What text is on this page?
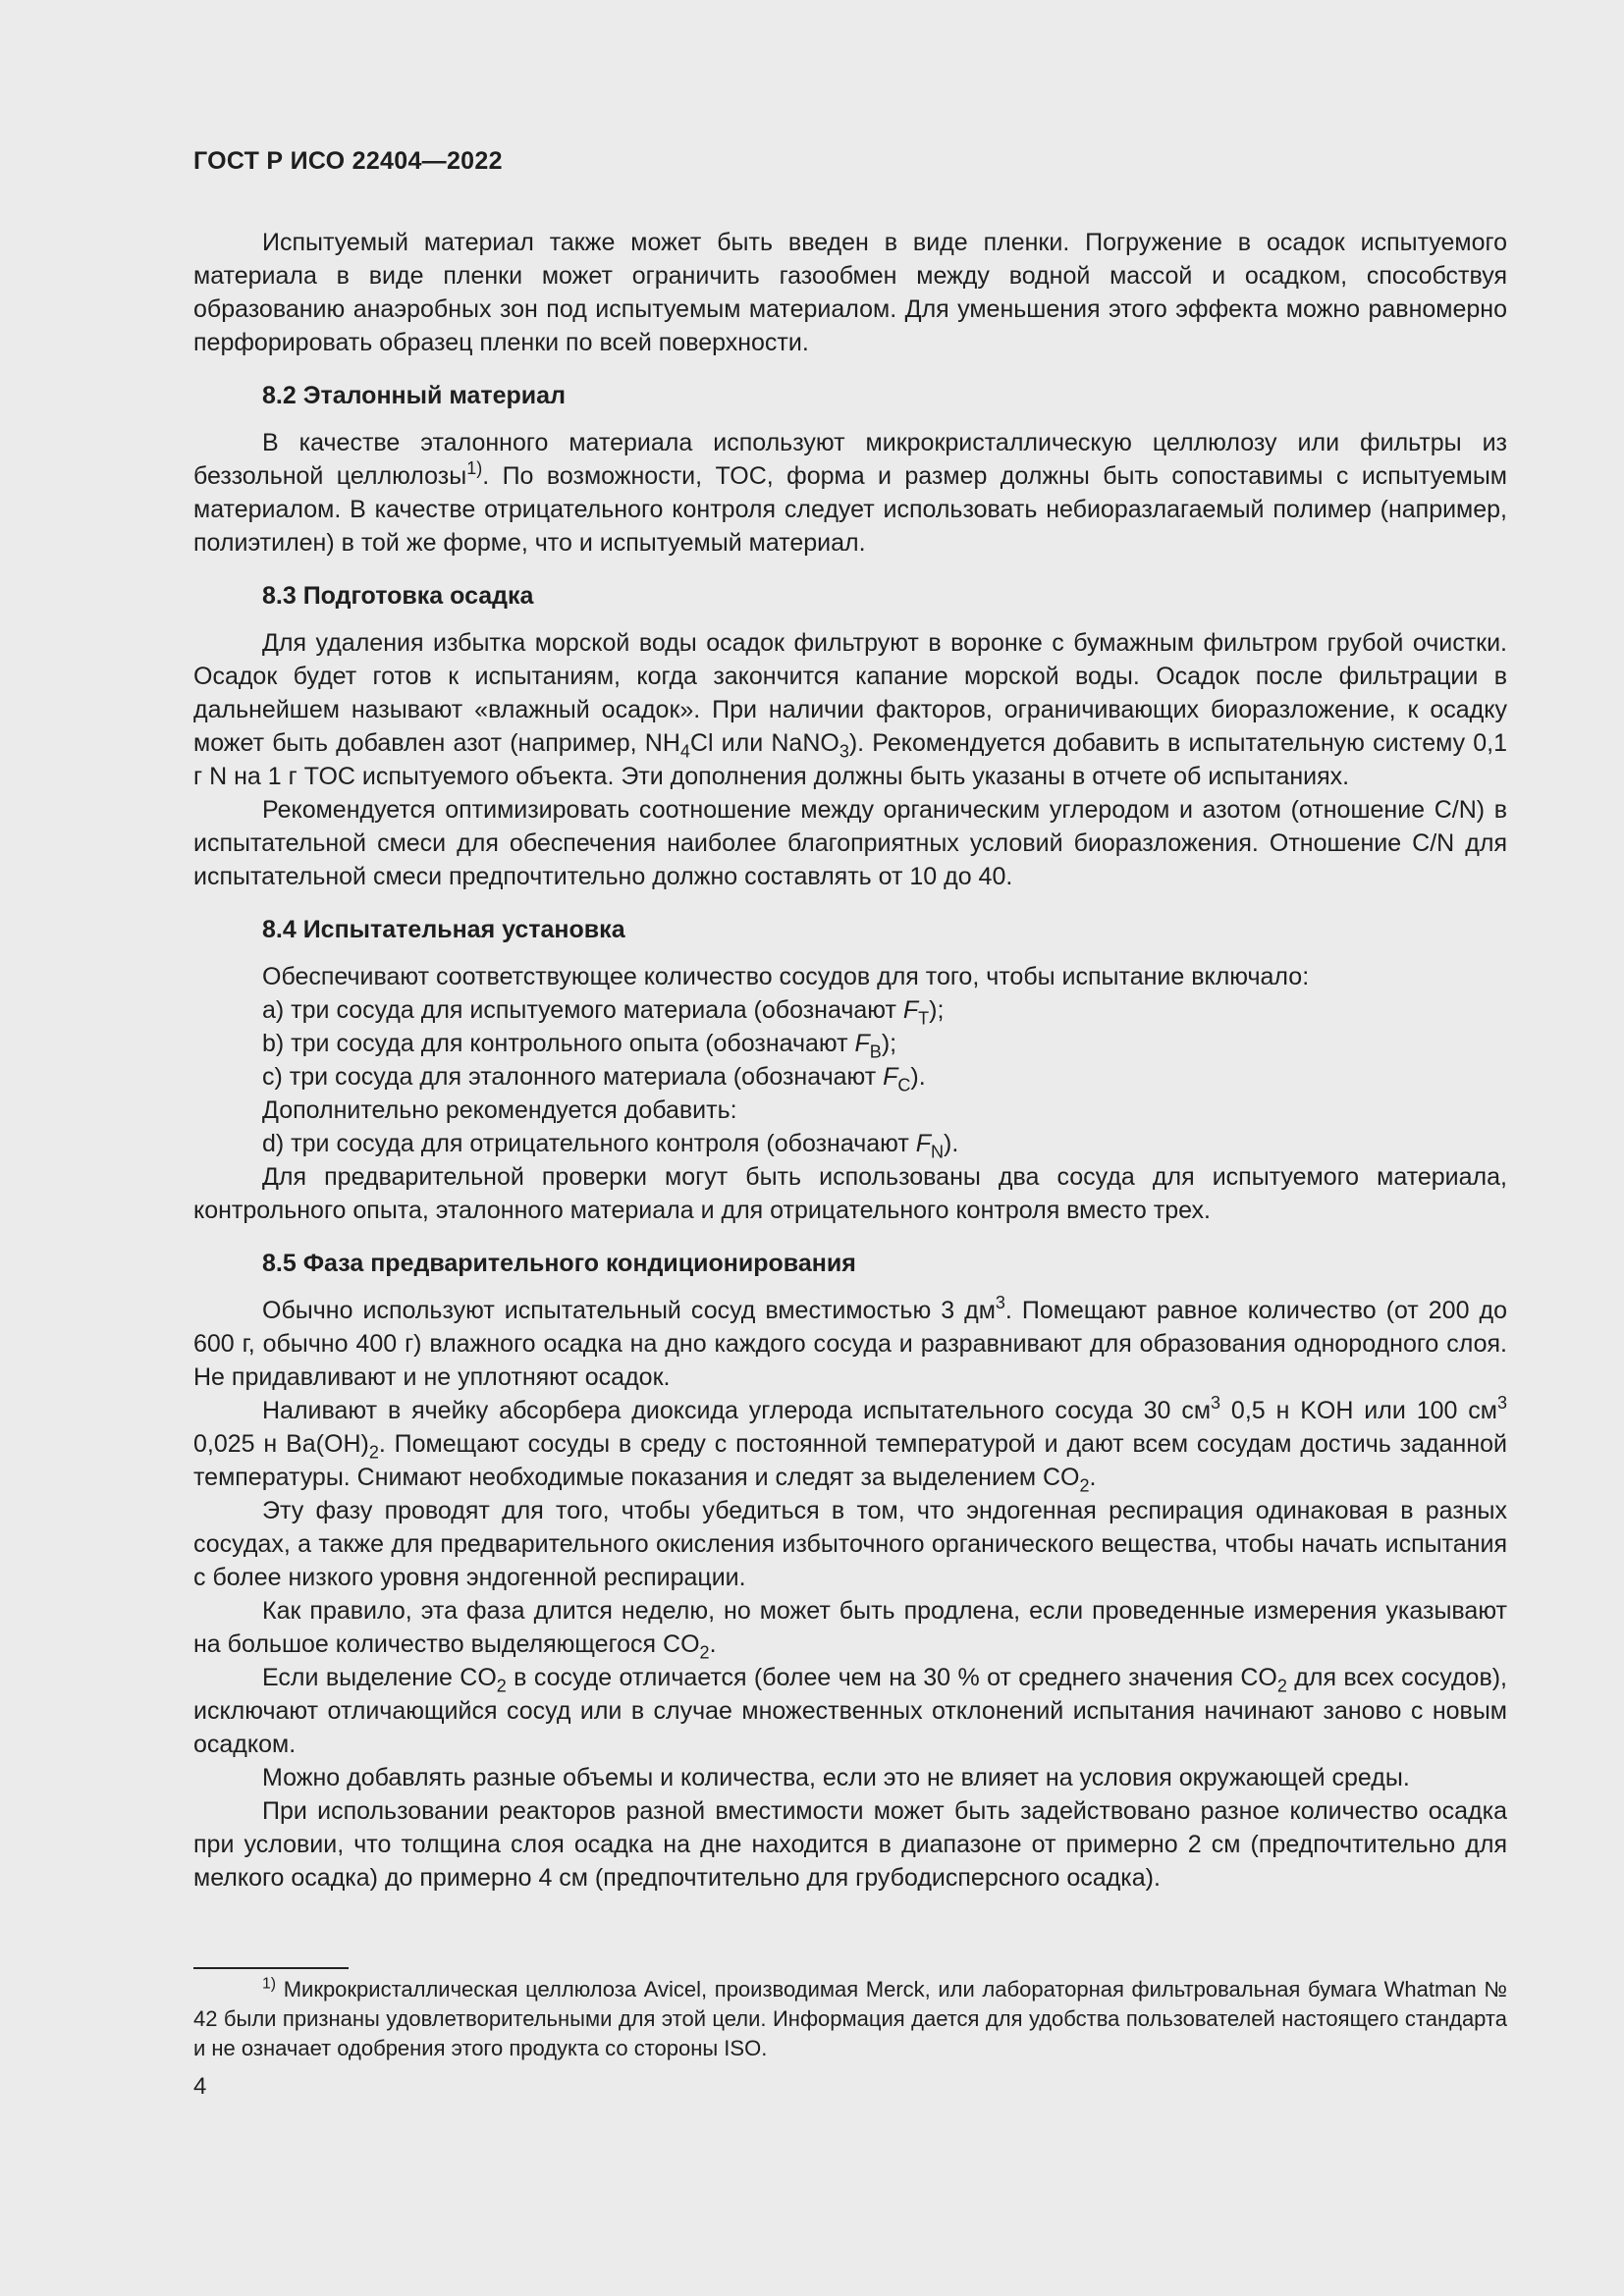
ГОСТ Р ИСО 22404—2022

Испытуемый материал также может быть введен в виде пленки. Погружение в осадок испытуемого материала в виде пленки может ограничить газообмен между водной массой и осадком, способствуя образованию анаэробных зон под испытуемым материалом. Для уменьшения этого эффекта можно равномерно перфорировать образец пленки по всей поверхности.

8.2 Эталонный материал

В качестве эталонного материала используют микрокристаллическую целлюлозу или фильтры из беззольной целлюлозы$^{1)}$. По возможности, TOC, форма и размер должны быть сопоставимы с испытуемым материалом. В качестве отрицательного контроля следует использовать небиоразлагаемый полимер (например, полиэтилен) в той же форме, что и испытуемый материал.

8.3 Подготовка осадка

Для удаления избытка морской воды осадок фильтруют в воронке с бумажным фильтром грубой очистки. Осадок будет готов к испытаниям, когда закончится капание морской воды. Осадок после фильтрации в дальнейшем называют «влажный осадок». При наличии факторов, ограничивающих биоразложение, к осадку может быть добавлен азот (например, $NH_4Cl$ или NaNO$_3$). Рекомендуется добавить в испытательную систему 0,1 г N на 1 г TOC испытуемого объекта. Эти дополнения должны быть указаны в отчете об испытаниях.

Рекомендуется оптимизировать соотношение между органическим углеродом и азотом (отношение C/N) в испытательной смеси для обеспечения наиболее благоприятных условий биоразложения. Отношение C/N для испытательной смеси предпочтительно должно составлять от 10 до 40.

8.4 Испытательная установка

Обеспечивают соответствующее количество сосудов для того, чтобы испытание включало:

a) три сосуда для испытуемого материала (обозначают $F_T$);

b) три сосуда для контрольного опыта (обозначают $F_B$);

c) три сосуда для эталонного материала (обозначают $F_C$).

Дополнительно рекомендуется добавить:

d) три сосуда для отрицательного контроля (обозначают $F_N$).

Для предварительной проверки могут быть использованы два сосуда для испытуемого материала, контрольного опыта, эталонного материала и для отрицательного контроля вместо трех.

8.5 Фаза предварительного кондиционирования

Обычно используют испытательный сосуд вместимостью 3 $дм^3$. Помещают равное количество (от 200 до 600 г, обычно 400 г) влажного осадка на дно каждого сосуда и разравнивают для образования однородного слоя. Не придавливают и не уплотняют осадок.

Наливают в ячейку абсорбера диоксида углерода испытательного сосуда 30 $см^3$ 0,5 н KOH или 100 $см^3$ 0,025 н $Ba(OH)_2$. Помещают сосуды в среду с постоянной температурой и дают всем сосудам достичь заданной температуры. Снимают необходимые показания и следят за выделением $CO_2$.

Эту фазу проводят для того, чтобы убедиться в том, что эндогенная респирация одинаковая в разных сосудах, а также для предварительного окисления избыточного органического вещества, чтобы начать испытания с более низкого уровня эндогенной респирации.

Как правило, эта фаза длится неделю, но может быть продлена, если проведенные измерения указывают на большое количество выделяющегося $CO_2$.

Если выделение $CO_2$ в сосуде отличается (более чем на 30 % от среднего значения $CO_2$ для всех сосудов), исключают отличающийся сосуд или в случае множественных отклонений испытания начинают заново с новым осадком.

Можно добавлять разные объемы и количества, если это не влияет на условия окружающей среды.

При использовании реакторов разной вместимости может быть задействовано разное количество осадка при условии, что толщина слоя осадка на дне находится в диапазоне от примерно 2 см (предпочтительно для мелкого осадка) до примерно 4 см (предпочтительно для грубодисперсного осадка).

$^{1)}$ Микрокристаллическая целлюлоза Avicel, производимая Merck, или лабораторная фильтровальная бумага Whatman № 42 были признаны удовлетворительными для этой цели. Информация дается для удобства пользователей настоящего стандарта и не означает одобрения этого продукта со стороны ISO.

4
